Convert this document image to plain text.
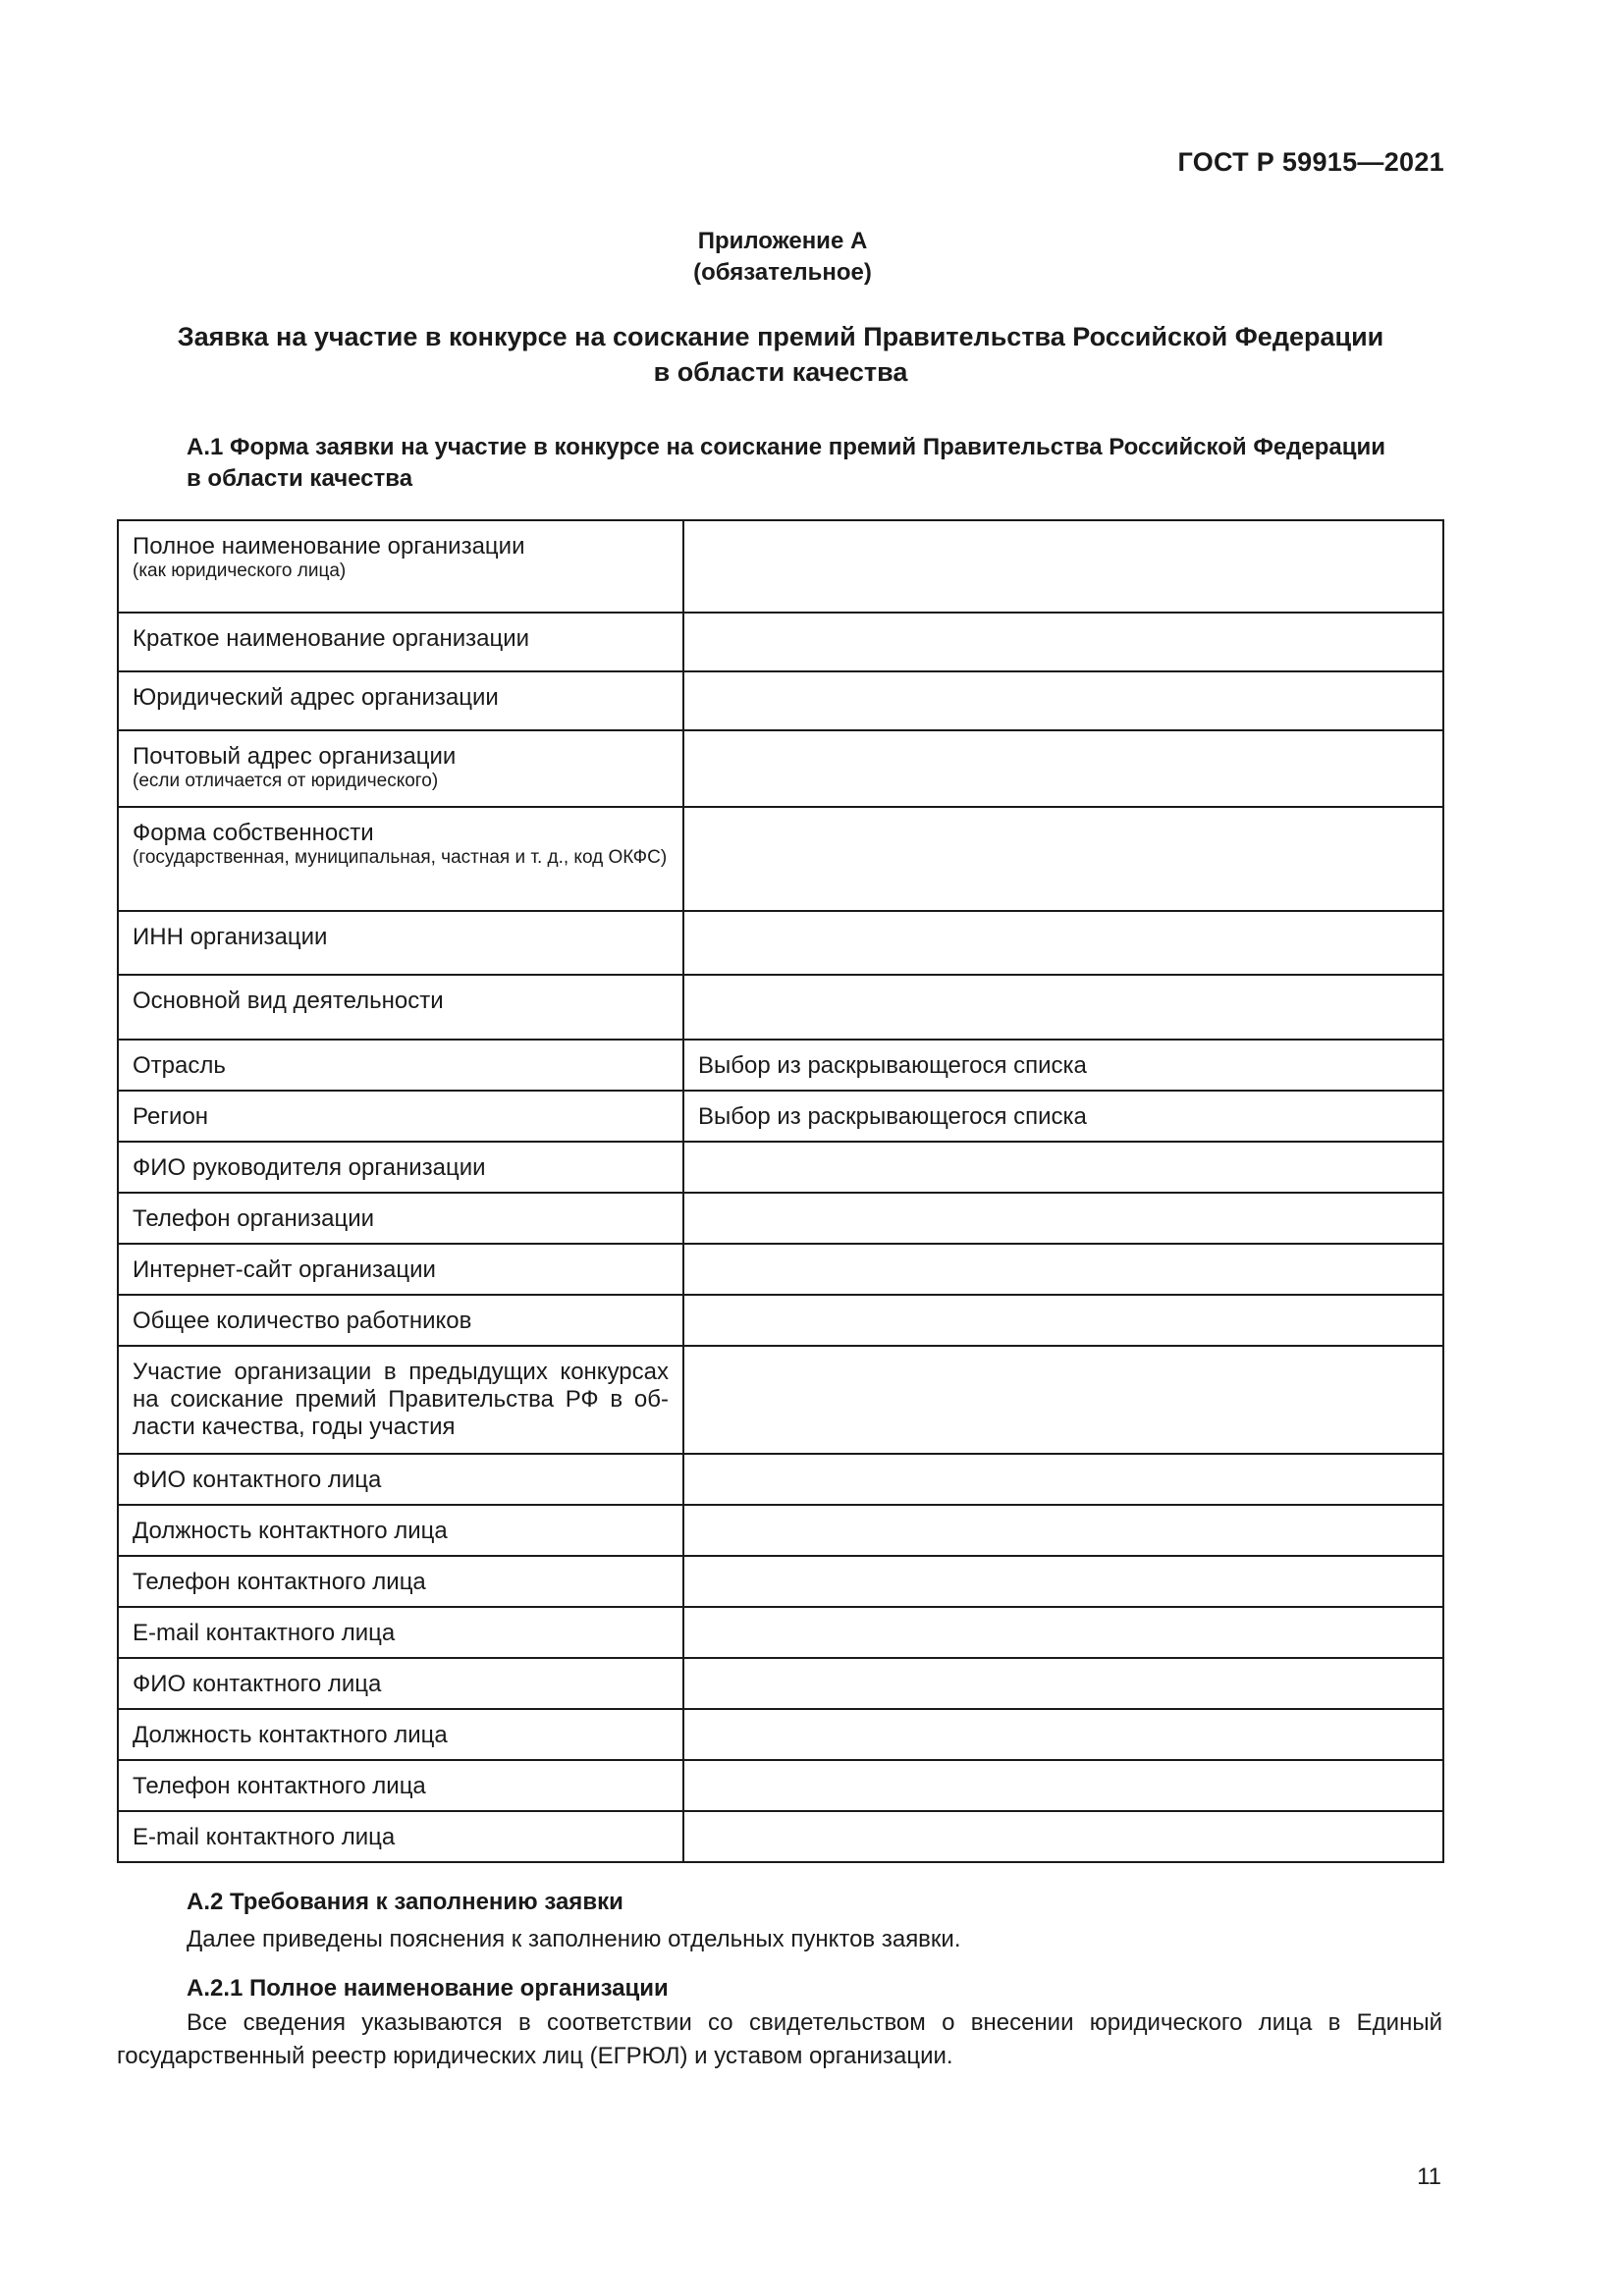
ГОСТ Р 59915—2021
Приложение А
(обязательное)
Заявка на участие в конкурсе на соискание премий Правительства Российской Федерации
в области качества
А.1 Форма заявки на участие в конкурсе на соискание премий Правительства Российской Федерации
в области качества
Полное наименование организации
(как юридического лица)	

Краткое наименование организации	

Юридический адрес организации	

Почтовый адрес организации
(если отличается от юридического)	

Форма собственности
(государственная, муниципальная, частная и т. д., код ОКФС)	

ИНН организации	

Основной вид деятельности	

Отрасль	Выбор из раскрывающегося списка

Регион	Выбор из раскрывающегося списка

ФИО руководителя организации	

Телефон организации	

Интернет-сайт организации	

Общее количество работников	

Участие организации в предыдущих конкурсах на соискание премий Правительства РФ в об-ласти качества, годы участия	

ФИО контактного лица	

Должность контактного лица	

Телефон контактного лица	

E-mail контактного лица	

ФИО контактного лица	

Должность контактного лица	

Телефон контактного лица	

E-mail контактного лица	

А.2 Требования к заполнению заявки
Далее приведены пояснения к заполнению отдельных пунктов заявки.
А.2.1 Полное наименование организации
Все сведения указываются в соответствии со свидетельством о внесении юридического лица в Единый государственный реестр юридических лиц (ЕГРЮЛ) и уставом организации.
11
